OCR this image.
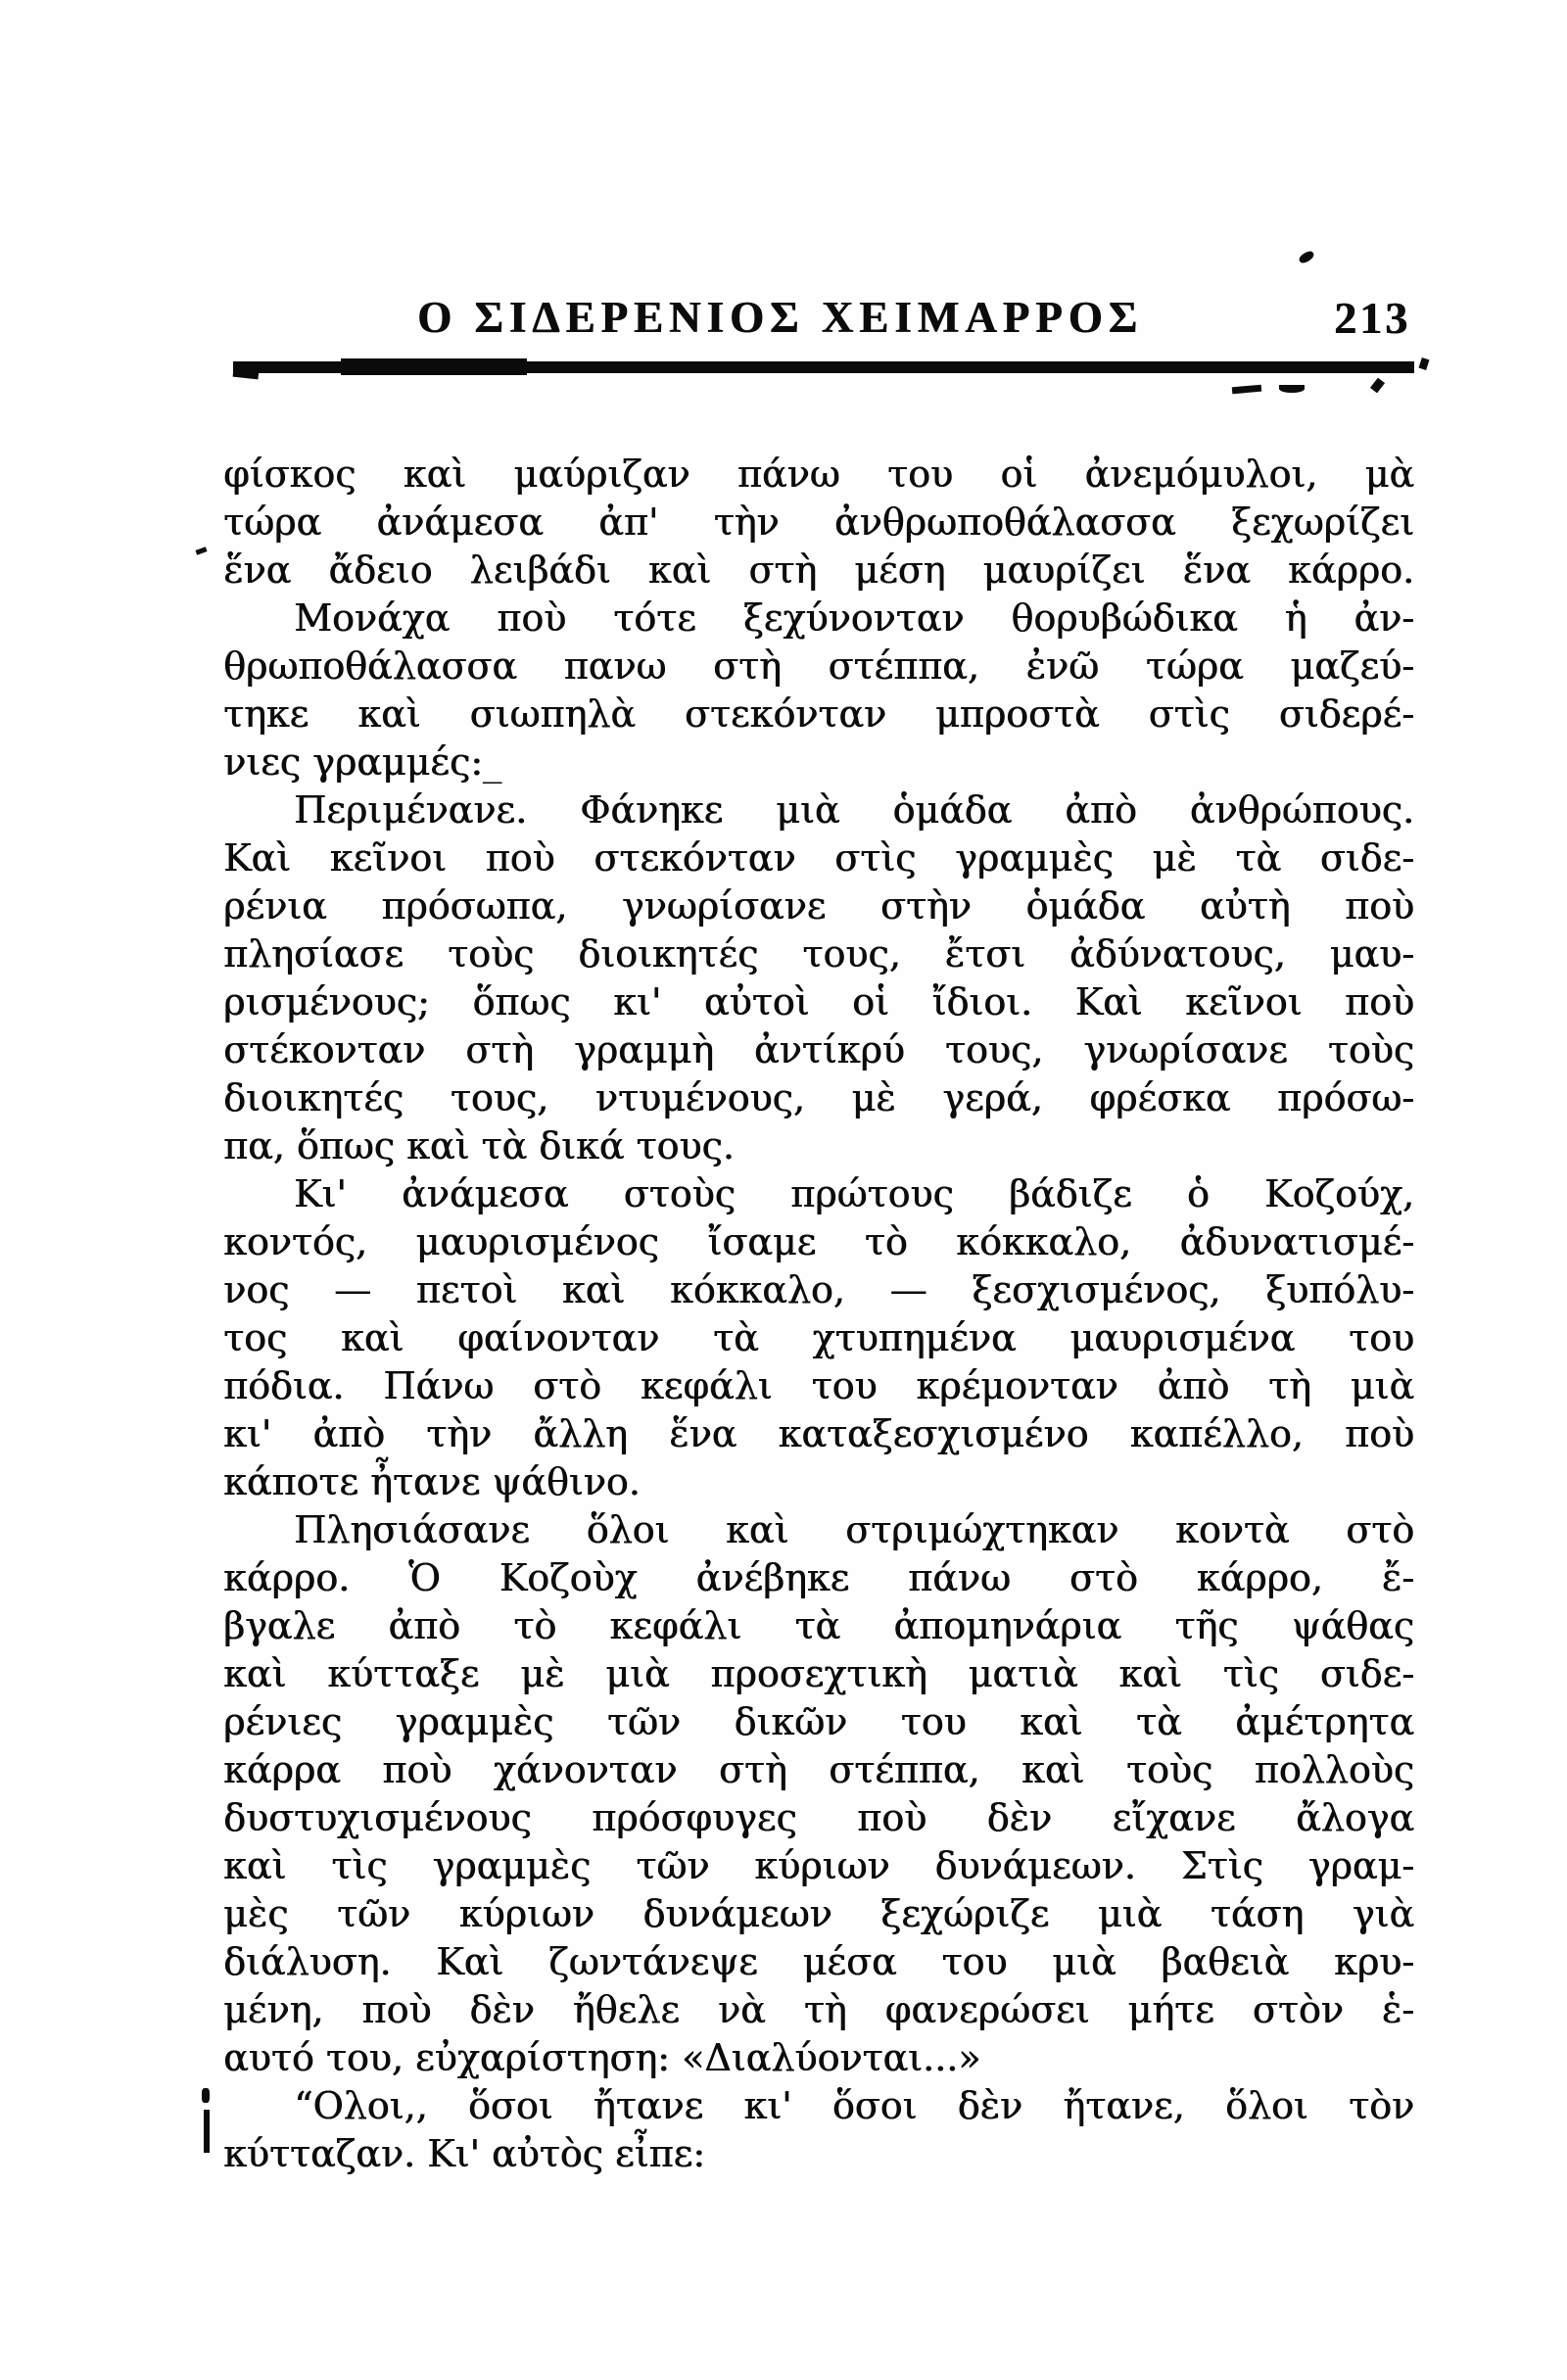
Ο ΣΙΔΕΡΕΝΙΟΣ ΧΕΙΜΑΡΡΟΣ	213
φίσκος καὶ μαύριζαν πάνω του οἱ ἀνεμόμυλοι, μὰ
τώρα ἀνάμεσα ἀπ' τὴν ἀνθρωποθάλασσα ξεχωρίζει
ἕνα ἄδειο λειβάδι καὶ στὴ μέση μαυρίζει ἕνα κάρρο.
Μονάχα ποὺ τότε ξεχύνονταν θορυβώδικα ἡ ἀν-
θρωποθάλασσα πανω στὴ στέππα, ἐνῶ τώρα μαζεύ-
τηκε καὶ σιωπηλὰ στεκόνταν μπροστὰ στὶς σιδερέ-
νιες γραμμές:_
Περιμένανε. Φάνηκε μιὰ ὁμάδα ἀπὸ ἀνθρώπους.
Καὶ κεῖνοι ποὺ στεκόνταν στὶς γραμμὲς μὲ τὰ σιδε-
ρένια πρόσωπα, γνωρίσανε στὴν ὁμάδα αὐτὴ ποὺ
πλησίασε τοὺς διοικητές τους, ἔτσι ἀδύνατους, μαυ-
ρισμένους; ὅπως κι' αὐτοὶ οἱ ἴδιοι. Καὶ κεῖνοι ποὺ
στέκονταν στὴ γραμμὴ ἀντίκρύ τους, γνωρίσανε τοὺς
διοικητές τους, ντυμένους, μὲ γερά, φρέσκα πρόσω-
πα, ὅπως καὶ τὰ δικά τους.
Κι' ἀνάμεσα στοὺς πρώτους βάδιζε ὁ Κοζούχ,
κοντός, μαυρισμένος ἴσαμε τὸ κόκκαλο, ἀδυνατισμέ-
νος — πετοὶ καὶ κόκκαλο, — ξεσχισμένος, ξυπόλυ-
τος καὶ φαίνονταν τὰ χτυπημένα μαυρισμένα του
πόδια. Πάνω στὸ κεφάλι του κρέμονταν ἀπὸ τὴ μιὰ
κι' ἀπὸ τὴν ἄλλη ἕνα καταξεσχισμένο καπέλλο, ποὺ
κάποτε ἦτανε ψάθινο.
Πλησιάσανε ὅλοι καὶ στριμώχτηκαν κοντὰ στὸ
κάρρο. Ὁ Κοζοὺχ ἀνέβηκε πάνω στὸ κάρρο, ἔ-
βγαλε ἀπὸ τὸ κεφάλι τὰ ἀπομηνάρια τῆς ψάθας
καὶ κύτταξε μὲ μιὰ προσεχτικὴ ματιὰ καὶ τὶς σιδε-
ρένιες γραμμὲς τῶν δικῶν του καὶ τὰ ἀμέτρητα
κάρρα ποὺ χάνονταν στὴ στέππα, καὶ τοὺς πολλοὺς
δυστυχισμένους πρόσφυγες ποὺ δὲν εἴχανε ἄλογα
καὶ τὶς γραμμὲς τῶν κύριων δυνάμεων. Στὶς γραμ-
μὲς τῶν κύριων δυνάμεων ξεχώριζε μιὰ τάση γιὰ
διάλυση. Καὶ ζωντάνεψε μέσα του μιὰ βαθειὰ κρυ-
μένη, ποὺ δὲν ἤθελε νὰ τὴ φανερώσει μήτε στὸν ἑ-
αυτό του, εὐχαρίστηση: «Διαλύονται...»
“Ολοι,, ὅσοι ἤτανε κι' ὅσοι δὲν ἤτανε, ὅλοι τὸν
κύτταζαν. Κι' αὐτὸς εἶπε:
